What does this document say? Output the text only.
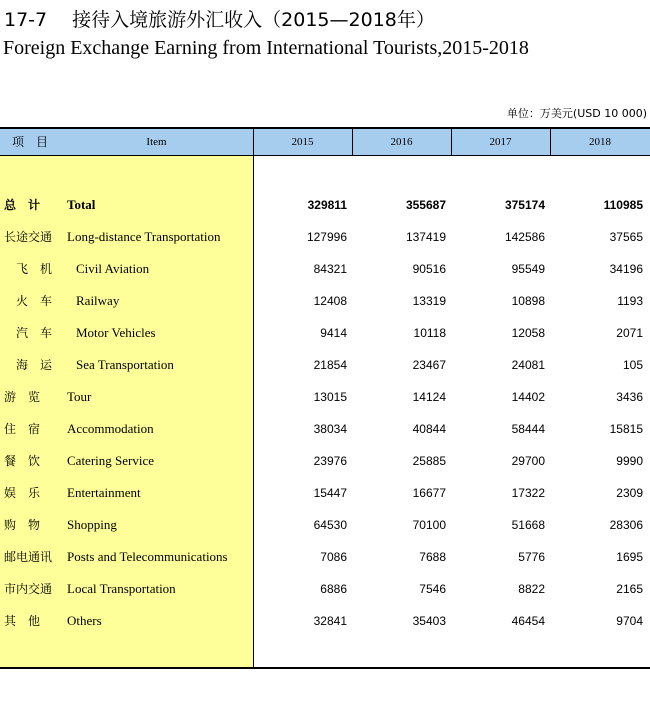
17-7　 接待入境旅游外汇收入（2015—2018年）
Foreign Exchange Earning from International Tourists,2015-2018
单位：万美元(USD 10 000)
项　目	Item	2015	2016	2017	2018
总　计 Total	329811	355687	375174	110985
长途交通 Long-distance Transportation	127996	137419	142586	37565
　飞　机 Civil Aviation	84321	90516	95549	34196
　火　车 Railway	12408	13319	10898	1193
　汽　车 Motor Vehicles	9414	10118	12058	2071
　海　运 Sea Transportation	21854	23467	24081	105
游　览 Tour	13015	14124	14402	3436
住　宿 Accommodation	38034	40844	58444	15815
餐　饮 Catering Service	23976	25885	29700	9990
娱　乐 Entertainment	15447	16677	17322	2309
购　物 Shopping	64530	70100	51668	28306
邮电通讯 Posts and Telecommunications	7086	7688	5776	1695
市内交通 Local Transportation	6886	7546	8822	2165
其　他 Others	32841	35403	46454	9704
